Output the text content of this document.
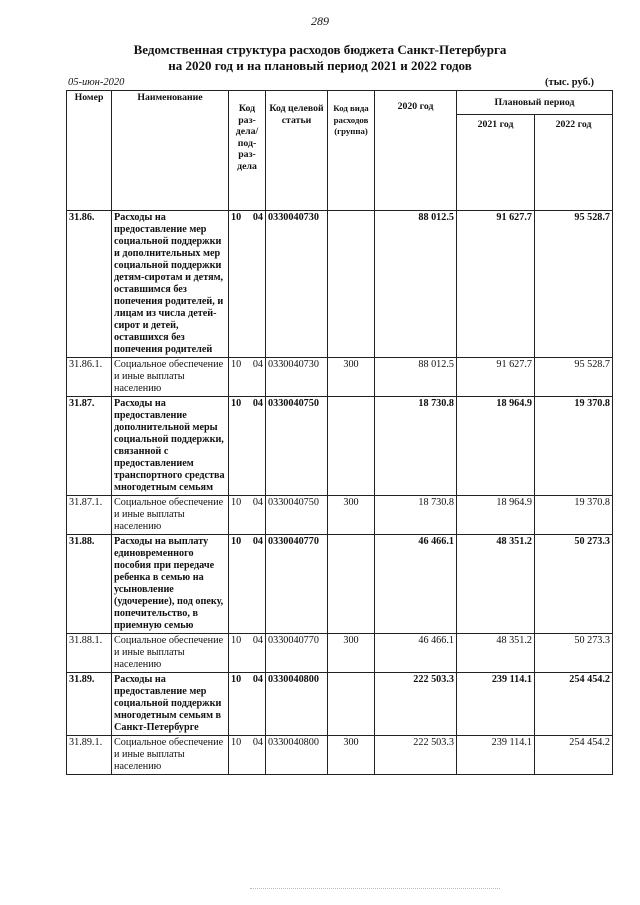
289
Ведомственная структура расходов бюджета Санкт-Петербурга
на 2020 год и на плановый период 2021 и 2022 годов
05-июн-2020	(тыс. руб.)
Номер	Наименование	Код раз- дела/ под- раз- дела	Код целевой статьи	Код вида расходов (группа)	2020 год	Плановый период	
						2021 год	2022 год
31.86.	Расходы на предоставление мер социальной поддержки и дополнительных мер социальной поддержки детям-сиротам и детям, оставшимся без попечения родителей, и лицам из числа детей-сирот и детей, оставшихся без попечения родителей	10 04	0330040730		88 012.5	91 627.7	95 528.7
31.86.1.	Социальное обеспечение и иные выплаты населению	10 04	0330040730	300	88 012.5	91 627.7	95 528.7
31.87.	Расходы на предоставление дополнительной меры социальной поддержки, связанной с предоставлением транспортного средства многодетным семьям	10 04	0330040750		18 730.8	18 964.9	19 370.8
31.87.1.	Социальное обеспечение и иные выплаты населению	10 04	0330040750	300	18 730.8	18 964.9	19 370.8
31.88.	Расходы на выплату единовременного пособия при передаче ребенка в семью на усыновление (удочерение), под опеку, попечительство, в приемную семью	10 04	0330040770		46 466.1	48 351.2	50 273.3
31.88.1.	Социальное обеспечение и иные выплаты населению	10 04	0330040770	300	46 466.1	48 351.2	50 273.3
31.89.	Расходы на предоставление мер социальной поддержки многодетным семьям в Санкт-Петербурге	10 04	0330040800		222 503.3	239 114.1	254 454.2
31.89.1.	Социальное обеспечение и иные выплаты населению	10 04	0330040800	300	222 503.3	239 114.1	254 454.2
